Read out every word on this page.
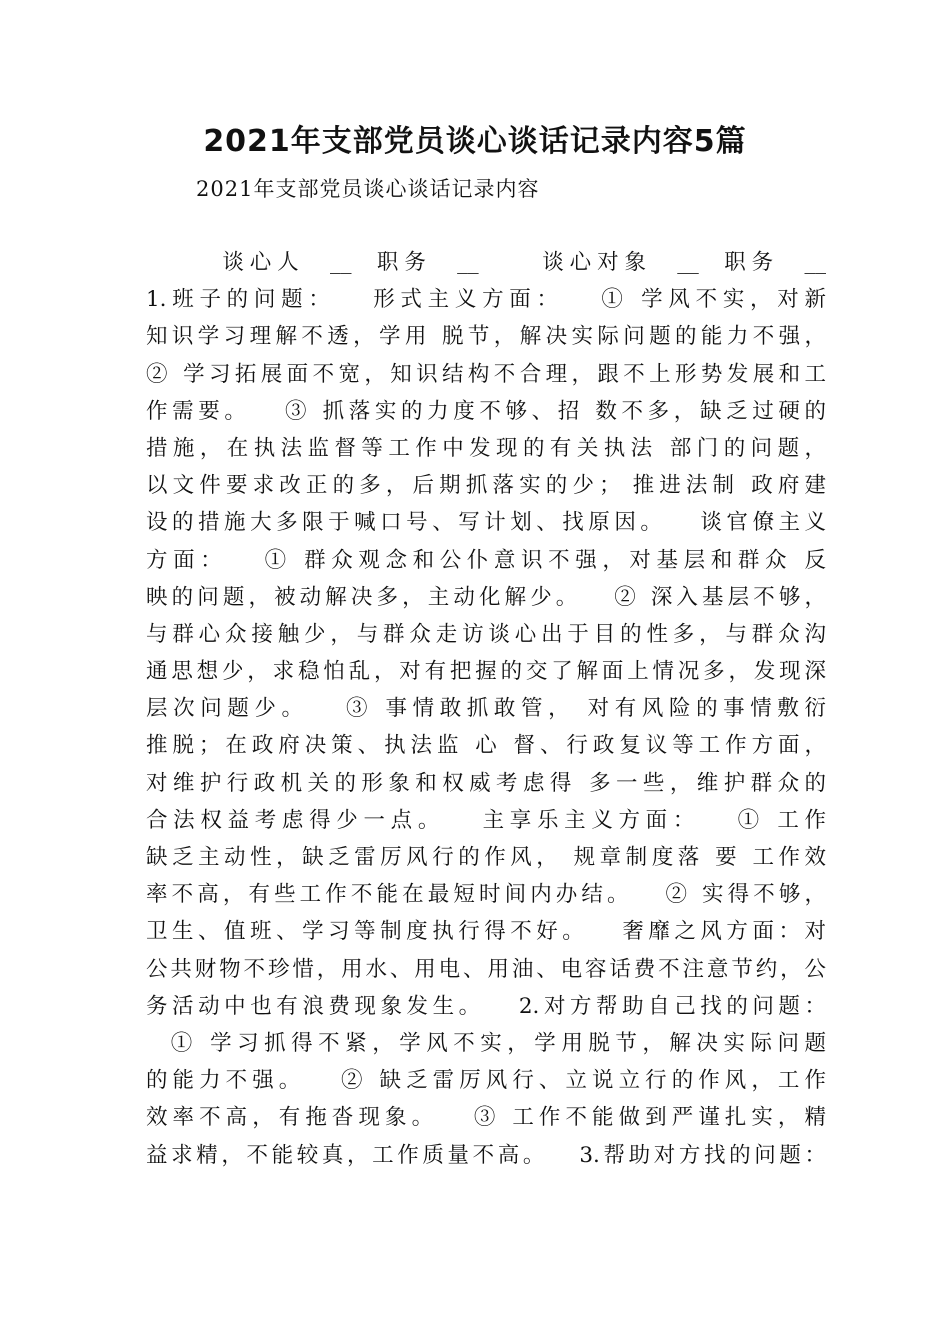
2021年支部党员谈心谈话记录内容5篇

2021年支部党员谈心谈话记录内容

谈心人  __  职务  __     谈心对象  __  职务  __
1.班子的问题：   形式主义方面：   ① 学风不实，对新
知识学习理解不透，学用 脱节，解决实际问题的能力不强，
② 学习拓展面不宽，知识结构不合理，跟不上形势发展和工
作需要。   ③ 抓落实的力度不够、招 数不多，缺乏过硬的
措施，在执法监督等工作中发现的有关执法 部门的问题，
以文件要求改正的多，后期抓落实的少； 推进法制 政府建
设的措施大多限于喊口号、写计划、找原因。   谈官僚主义
方面：   ① 群众观念和公仆意识不强，对基层和群众 反
映的问题，被动解决多，主动化解少。   ② 深入基层不够，
与群心众接触少，与群众走访谈心出于目的性多，与群众沟
通思想少，求稳怕乱，对有把握的交了解面上情况多，发现深
层次问题少。   ③ 事情敢抓敢管， 对有风险的事情敷衍
推脱；在政府决策、执法监 心 督、行政复议等工作方面，
对维护行政机关的形象和权威考虑得 多一些，维护群众的
合法权益考虑得少一点。   主享乐主义方面：   ① 工作
缺乏主动性，缺乏雷厉风行的作风， 规章制度落 要 工作效
率不高，有些工作不能在最短时间内办结。   ② 实得不够，
卫生、值班、学习等制度执行得不好。   奢靡之风方面：对
公共财物不珍惜，用水、用电、用油、电容话费不注意节约，公
务活动中也有浪费现象发生。   2.对方帮助自己找的问题：
① 学习抓得不紧，学风不实，学用脱节，解决实际问题
的能力不强。   ② 缺乏雷厉风行、立说立行的作风，工作
效率不高，有拖沓现象。   ③ 工作不能做到严谨扎实，精
益求精，不能较真，工作质量不高。   3.帮助对方找的问题：
